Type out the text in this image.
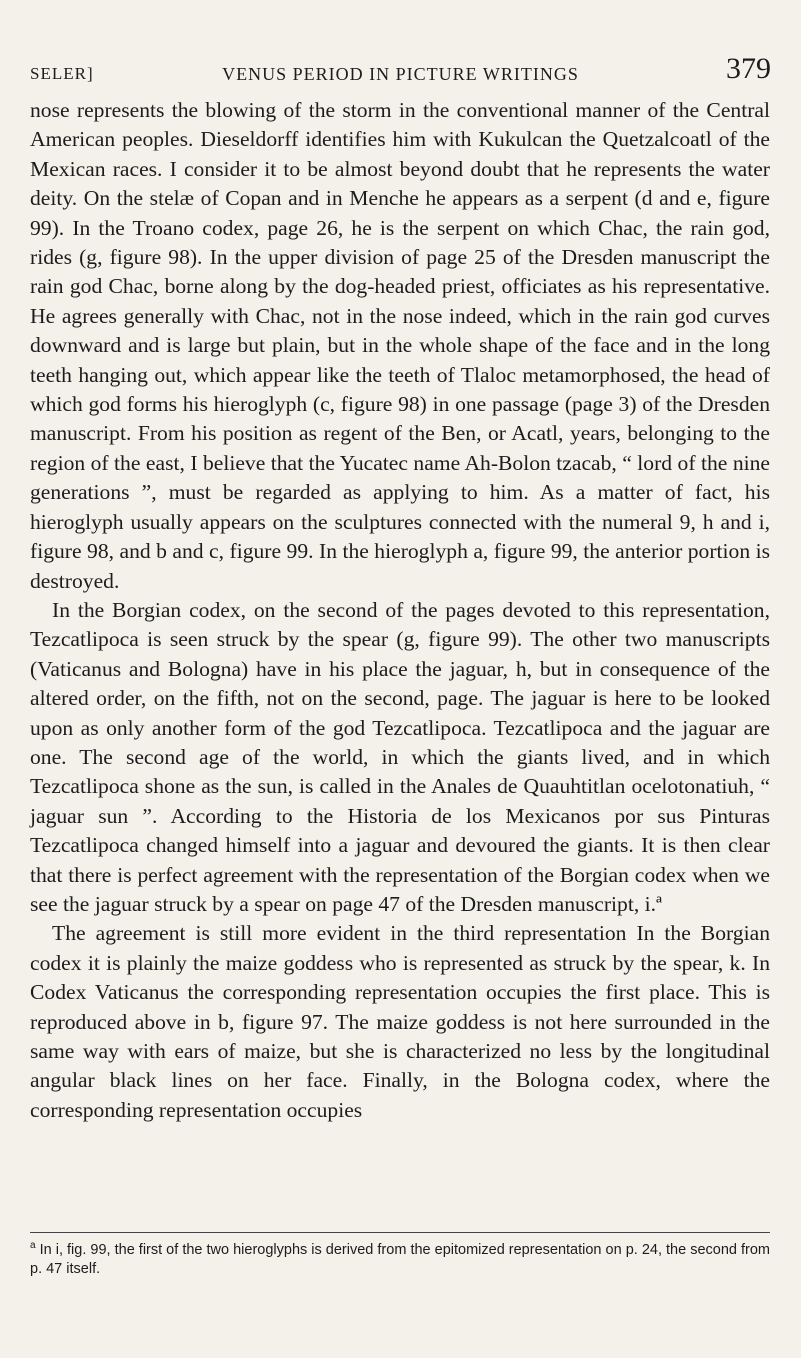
SELER]	VENUS PERIOD IN PICTURE WRITINGS	379

nose represents the blowing of the storm in the conventional manner of the Central American peoples. Dieseldorff identifies him with Kukulcan the Quetzalcoatl of the Mexican races. I consider it to be almost beyond doubt that he represents the water deity. On the stelæ of Copan and in Menche he appears as a serpent (d and e, figure 99). In the Troano codex, page 26, he is the serpent on which Chac, the rain god, rides (g, figure 98). In the upper division of page 25 of the Dresden manuscript the rain god Chac, borne along by the dog-headed priest, officiates as his representative. He agrees generally with Chac, not in the nose indeed, which in the rain god curves downward and is large but plain, but in the whole shape of the face and in the long teeth hanging out, which appear like the teeth of Tlaloc metamorphosed, the head of which god forms his hieroglyph (c, figure 98) in one passage (page 3) of the Dresden manuscript. From his position as regent of the Ben, or Acatl, years, belonging to the region of the east, I believe that the Yucatec name Ah-Bolon tzacab, “ lord of the nine generations ”, must be regarded as applying to him. As a matter of fact, his hieroglyph usually appears on the sculptures connected with the numeral 9, h and i, figure 98, and b and c, figure 99. In the hieroglyph a, figure 99, the anterior portion is destroyed.

In the Borgian codex, on the second of the pages devoted to this representation, Tezcatlipoca is seen struck by the spear (g, figure 99). The other two manuscripts (Vaticanus and Bologna) have in his place the jaguar, h, but in consequence of the altered order, on the fifth, not on the second, page. The jaguar is here to be looked upon as only another form of the god Tezcatlipoca. Tezcatlipoca and the jaguar are one. The second age of the world, in which the giants lived, and in which Tezcatlipoca shone as the sun, is called in the Anales de Quauhtitlan ocelotonatiuh, “ jaguar sun ”. According to the Historia de los Mexicanos por sus Pinturas Tezcatlipoca changed himself into a jaguar and devoured the giants. It is then clear that there is perfect agreement with the representation of the Borgian codex when we see the jaguar struck by a spear on page 47 of the Dresden manuscript, i.ª

The agreement is still more evident in the third representation In the Borgian codex it is plainly the maize goddess who is represented as struck by the spear, k. In Codex Vaticanus the corresponding representation occupies the first place. This is reproduced above in b, figure 97. The maize goddess is not here surrounded in the same way with ears of maize, but she is characterized no less by the longitudinal angular black lines on her face. Finally, in the Bologna codex, where the corresponding representation occupies

$^a$ In i, fig. 99, the first of the two hieroglyphs is derived from the epitomized representation on p. 24, the second from p. 47 itself.
